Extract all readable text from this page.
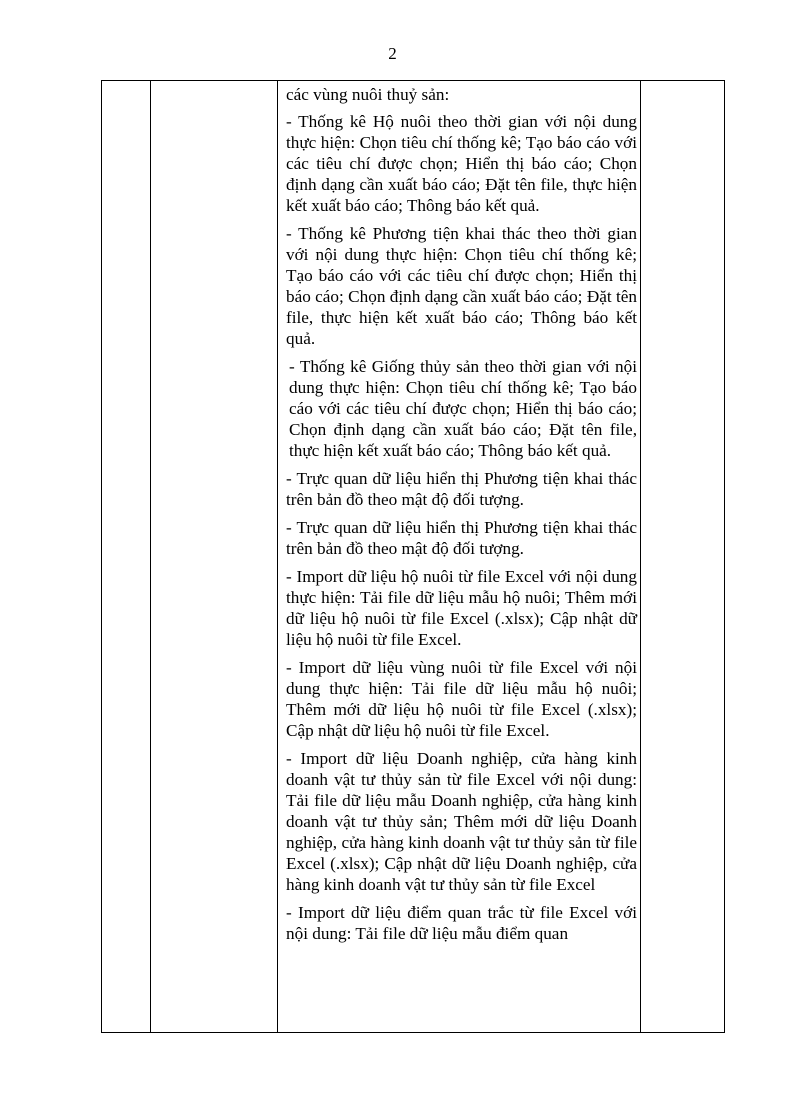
2

các vùng nuôi thuỷ sản:

- Thống kê Hộ nuôi theo thời gian với nội dung thực hiện: Chọn tiêu chí thống kê; Tạo báo cáo với các tiêu chí được chọn; Hiển thị báo cáo; Chọn định dạng cần xuất báo cáo; Đặt tên file, thực hiện kết xuất báo cáo; Thông báo kết quả.

- Thống kê Phương tiện khai thác theo thời gian với nội dung thực hiện: Chọn tiêu chí thống kê; Tạo báo cáo với các tiêu chí được chọn; Hiển thị báo cáo; Chọn định dạng cần xuất báo cáo; Đặt tên file, thực hiện kết xuất báo cáo; Thông báo kết quả.

- Thống kê Giống thủy sản theo thời gian với nội dung thực hiện: Chọn tiêu chí thống kê; Tạo báo cáo với các tiêu chí được chọn; Hiển thị báo cáo; Chọn định dạng cần xuất báo cáo; Đặt tên file, thực hiện kết xuất báo cáo; Thông báo kết quả.

- Trực quan dữ liệu hiển thị Phương tiện khai thác trên bản đồ theo mật độ đối tượng.

- Trực quan dữ liệu hiển thị Phương tiện khai thác trên bản đồ theo mật độ đối tượng.

- Import dữ liệu hộ nuôi từ file Excel với nội dung thực hiện: Tải file dữ liệu mẫu hộ nuôi; Thêm mới dữ liệu hộ nuôi từ file Excel (.xlsx); Cập nhật dữ liệu hộ nuôi từ file Excel.

- Import dữ liệu vùng nuôi từ file Excel với nội dung thực hiện: Tải file dữ liệu mẫu hộ nuôi; Thêm mới dữ liệu hộ nuôi từ file Excel (.xlsx); Cập nhật dữ liệu hộ nuôi từ file Excel.

- Import dữ liệu Doanh nghiệp, cửa hàng kinh doanh vật tư thủy sản từ file Excel với nội dung: Tải file dữ liệu mẫu Doanh nghiệp, cửa hàng kinh doanh vật tư thủy sản; Thêm mới dữ liệu Doanh nghiệp, cửa hàng kinh doanh vật tư thủy sản từ file Excel (.xlsx); Cập nhật dữ liệu Doanh nghiệp, cửa hàng kinh doanh vật tư thủy sản từ file Excel

- Import dữ liệu điểm quan trắc từ file Excel với nội dung: Tải file dữ liệu mẫu điểm quan
